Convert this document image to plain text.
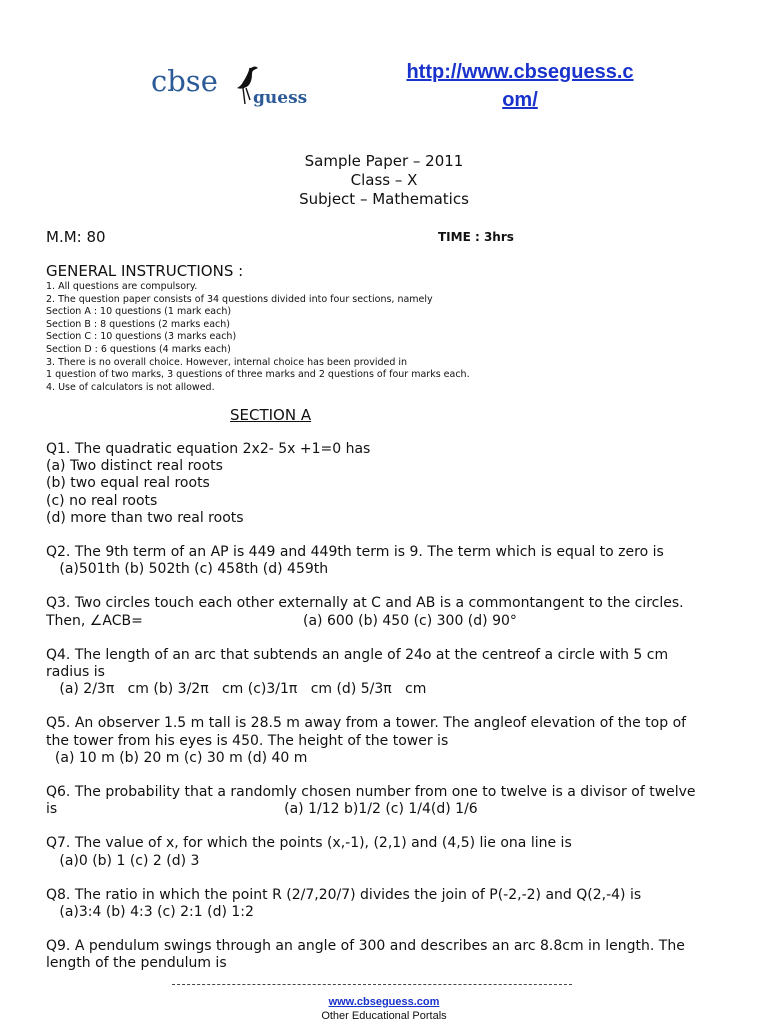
cbse guess
http://www.cbseguess.c
om/
Sample Paper – 2011
Class – X
Subject – Mathematics
M.M: 80	TIME : 3hrs
GENERAL INSTRUCTIONS :
1. All questions are compulsory.
2. The question paper consists of 34 questions divided into four sections, namely
Section A : 10 questions (1 mark each)
Section B : 8 questions (2 marks each)
Section C : 10 questions (3 marks each)
Section D : 6 questions (4 marks each)
3. There is no overall choice. However, internal choice has been provided in
1 question of two marks, 3 questions of three marks and 2 questions of four marks each.
4. Use of calculators is not allowed.
SECTION A

Q1. The quadratic equation 2x2- 5x +1=0 has

(a) Two distinct real roots

(b) two equal real roots

(c) no real roots

(d) more than two real roots

Q2. The 9th term of an AP is 449 and 449th term is 9. The term which is equal to zero is

(a)501th (b) 502th (c) 458th (d) 459th

Q3. Two circles touch each other externally at C and AB is a commontangent to the circles.

Then, ∠ACB=                                    (a) 600 (b) 450 (c) 300 (d) 90°

Q4. The length of an arc that subtends an angle of 24o at the centreof a circle with 5 cm

radius is

(a) 2/3π   cm (b) 3/2π   cm (c)3/1π   cm (d) 5/3π   cm

Q5. An observer 1.5 m tall is 28.5 m away from a tower. The angleof elevation of the top of

the tower from his eyes is 450. The height of the tower is

(a) 10 m (b) 20 m (c) 30 m (d) 40 m

Q6. The probability that a randomly chosen number from one to twelve is a divisor of twelve

is                                                   (a) 1/12 b)1/2 (c) 1/4(d) 1/6

Q7. The value of x, for which the points (x,-1), (2,1) and (4,5) lie ona line is

(a)0 (b) 1 (c) 2 (d) 3

Q8. The ratio in which the point R (2/7,20/7) divides the join of P(-2,-2) and Q(2,-4) is

(a)3:4 (b) 4:3 (c) 2:1 (d) 1:2

Q9. A pendulum swings through an angle of 300 and describes an arc 8.8cm in length. The

length of the pendulum is

www.cbseguess.com
Other Educational Portals
